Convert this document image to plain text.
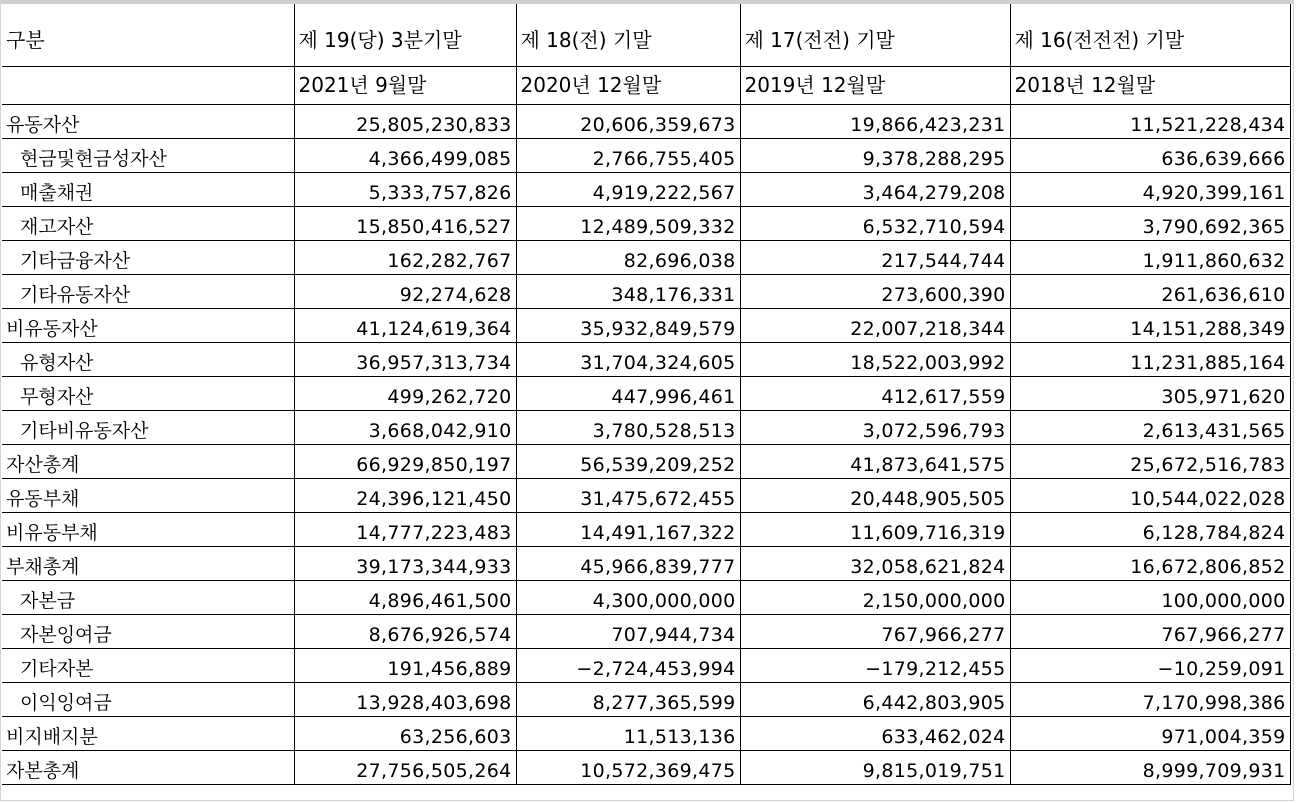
구분	제 19(당) 3분기말	제 18(전) 기말	제 17(전전) 기말	제 16(전전전) 기말
	2021년 9월말	2020년 12월말	2019년 12월말	2018년 12월말
유동자산	25,805,230,833	20,606,359,673	19,866,423,231	11,521,228,434
현금및현금성자산	4,366,499,085	2,766,755,405	9,378,288,295	636,639,666
매출채권	5,333,757,826	4,919,222,567	3,464,279,208	4,920,399,161
재고자산	15,850,416,527	12,489,509,332	6,532,710,594	3,790,692,365
기타금융자산	162,282,767	82,696,038	217,544,744	1,911,860,632
기타유동자산	92,274,628	348,176,331	273,600,390	261,636,610
비유동자산	41,124,619,364	35,932,849,579	22,007,218,344	14,151,288,349
유형자산	36,957,313,734	31,704,324,605	18,522,003,992	11,231,885,164
무형자산	499,262,720	447,996,461	412,617,559	305,971,620
기타비유동자산	3,668,042,910	3,780,528,513	3,072,596,793	2,613,431,565
자산총계	66,929,850,197	56,539,209,252	41,873,641,575	25,672,516,783
유동부채	24,396,121,450	31,475,672,455	20,448,905,505	10,544,022,028
비유동부채	14,777,223,483	14,491,167,322	11,609,716,319	6,128,784,824
부채총계	39,173,344,933	45,966,839,777	32,058,621,824	16,672,806,852
자본금	4,896,461,500	4,300,000,000	2,150,000,000	100,000,000
자본잉여금	8,676,926,574	707,944,734	767,966,277	767,966,277
기타자본	191,456,889	−2,724,453,994	−179,212,455	−10,259,091
이익잉여금	13,928,403,698	8,277,365,599	6,442,803,905	7,170,998,386
비지배지분	63,256,603	11,513,136	633,462,024	971,004,359
자본총계	27,756,505,264	10,572,369,475	9,815,019,751	8,999,709,931
